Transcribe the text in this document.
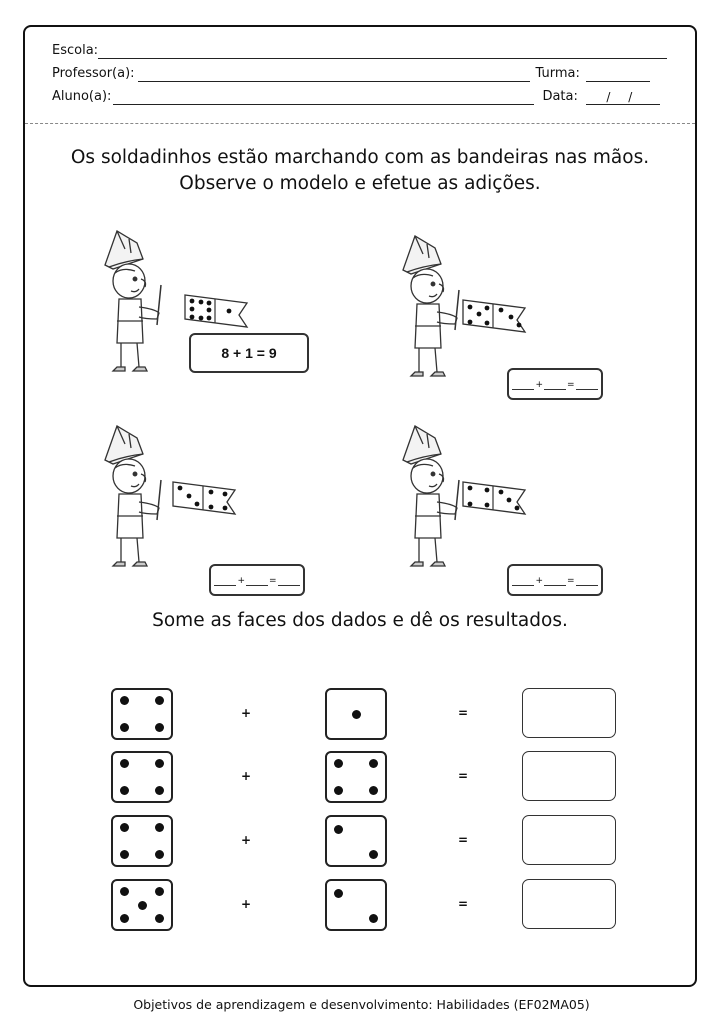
Escola:
Professor(a):	Turma:
Aluno(a):	Data:	/ /
Os soldadinhos estão marchando com as bandeiras nas mãos.
Observe o modelo e efetue as adições.
8 + 1 = 9
+	=
+	=	+	=
Some as faces dos dados e dê os resultados.
+	=
+	=
+	=
+	=
Objetivos de aprendizagem e desenvolvimento: Habilidades (EF02MA05)
